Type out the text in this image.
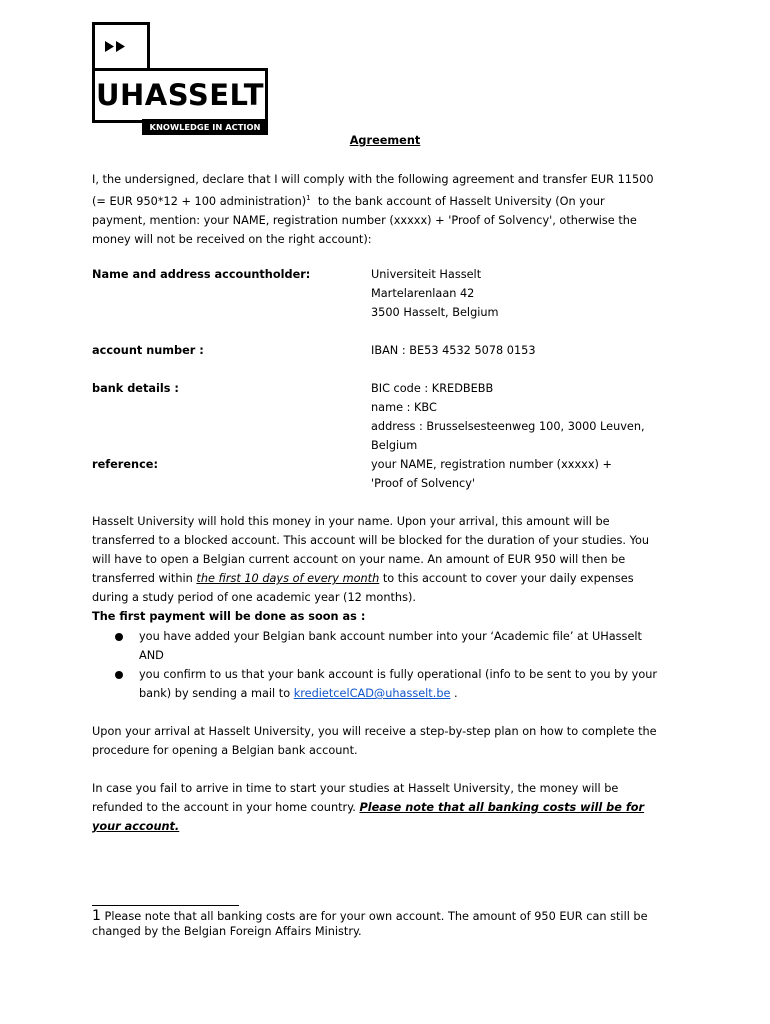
UHASSELT
KNOWLEDGE IN ACTION
Agreement
I, the undersigned, declare that I will comply with the following agreement and transfer EUR 11500
(= EUR 950*12 + 100 administration)$^1$ to the bank account of Hasselt University (On your
payment, mention: your NAME, registration number (xxxxx) + 'Proof of Solvency', otherwise the
money will not be received on the right account):
Name and address accountholder:	Universiteit Hasselt
Martelarenlaan 42
3500 Hasselt, Belgium
account number :	IBAN : BE53 4532 5078 0153
bank details :	BIC code : KREDBEBB
name : KBC
address : Brusselsesteenweg 100, 3000 Leuven,
Belgium
reference:	your NAME, registration number (xxxxx) +
'Proof of Solvency'
Hasselt University will hold this money in your name. Upon your arrival, this amount will be
transferred to a blocked account. This account will be blocked for the duration of your studies. You
will have to open a Belgian current account on your name. An amount of EUR 950 will then be
transferred within the first 10 days of every month to this account to cover your daily expenses
during a study period of one academic year (12 months).
The first payment will be done as soon as :
you have added your Belgian bank account number into your ‘Academic file’ at UHasselt
AND
you confirm to us that your bank account is fully operational (info to be sent to you by your
bank) by sending a mail to kredietcelCAD@uhasselt.be .
Upon your arrival at Hasselt University, you will receive a step-by-step plan on how to complete the
procedure for opening a Belgian bank account.
In case you fail to arrive in time to start your studies at Hasselt University, the money will be
refunded to the account in your home country. Please note that all banking costs will be for
your account.
1 Please note that all banking costs are for your own account. The amount of 950 EUR can still be
changed by the Belgian Foreign Affairs Ministry.
